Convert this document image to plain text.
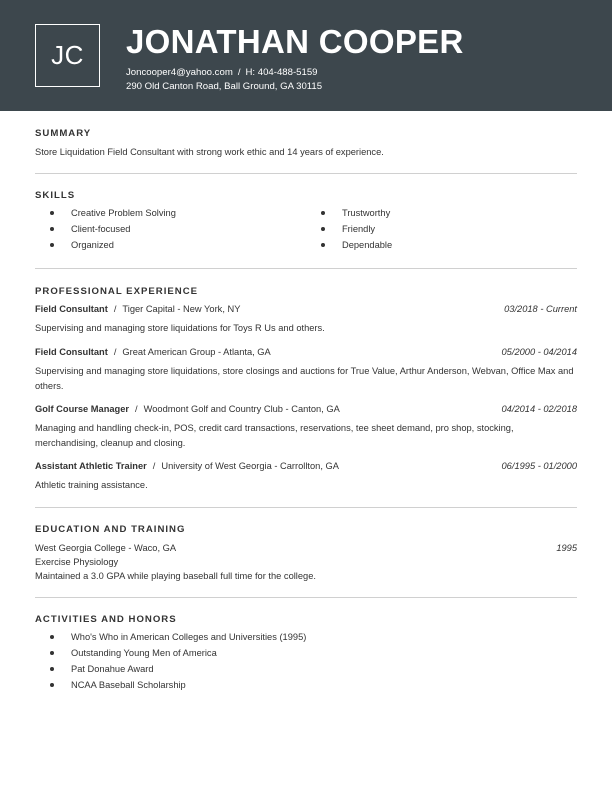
JC	JONATHAN COOPER
Joncooper4@yahoo.com / H: 404-488-5159
290 Old Canton Road, Ball Ground, GA 30115
SUMMARY
Store Liquidation Field Consultant with strong work ethic and 14 years of experience.
SKILLS
Creative Problem Solving
Client-focused
Organized
Trustworthy
Friendly
Dependable
PROFESSIONAL EXPERIENCE
Field Consultant / Tiger Capital - New York, NY	03/2018 - Current
Supervising and managing store liquidations for Toys R Us and others.
Field Consultant / Great American Group - Atlanta, GA	05/2000 - 04/2014
Supervising and managing store liquidations, store closings and auctions for True Value, Arthur Anderson, Webvan, Office Max and others.
Golf Course Manager / Woodmont Golf and Country Club - Canton, GA	04/2014 - 02/2018
Managing and handling check-in, POS, credit card transactions, reservations, tee sheet demand, pro shop, stocking, merchandising, cleanup and closing.
Assistant Athletic Trainer / University of West Georgia - Carrollton, GA	06/1995 - 01/2000
Athletic training assistance.
EDUCATION AND TRAINING
West Georgia College - Waco, GA	1995
Exercise Physiology
Maintained a 3.0 GPA while playing baseball full time for the college.
ACTIVITIES AND HONORS
Who's Who in American Colleges and Universities (1995)
Outstanding Young Men of America
Pat Donahue Award
NCAA Baseball Scholarship
